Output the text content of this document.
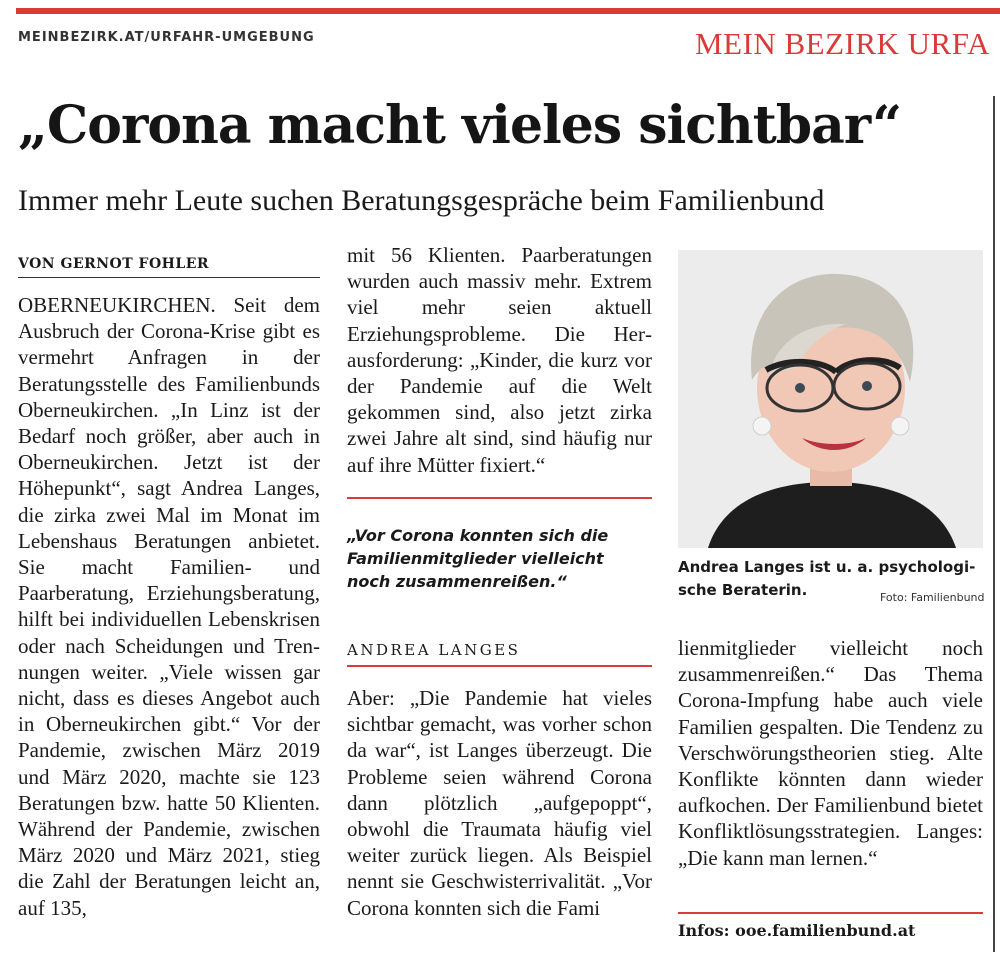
MEINBEZIRK.AT/URFAHR-UMGEBUNG	MEIN BEZIRK URFA
„Corona macht vieles sichtbar“
Immer mehr Leute suchen Beratungsgespräche beim Familienbund
VON GERNOT FOHLER

OBERNEUKIRCHEN. Seit dem Ausbruch der Corona-Krise gibt es vermehrt Anfragen in der Beratungsstelle des Familienbunds Oberneukirchen. „In Linz ist der Bedarf noch größer, aber auch in Oberneukirchen. Jetzt ist der Höhepunkt“, sagt Andrea Langes, die zirka zwei Mal im Monat im Lebenshaus Beratungen anbietet. Sie macht Familien- und Paarberatung, Erziehungsberatung, hilft bei individuellen Lebenskrisen oder nach Scheidungen und Trennungen weiter. „Viele wissen gar nicht, dass es dieses Angebot auch in Oberneukirchen gibt.“ Vor der Pandemie, zwischen März 2019 und März 2020, machte sie 123 Beratungen bzw. hatte 50 Klienten. Während der Pandemie, zwischen März 2020 und März 2021, stieg die Zahl der Beratungen leicht an, auf 135,

mit 56 Klienten. Paarberatungen wurden auch massiv mehr. Extrem viel mehr seien aktuell Erziehungsprobleme. Die Herausforderung: „Kinder, die kurz vor der Pandemie auf die Welt gekommen sind, also jetzt zirka zwei Jahre alt sind, sind häufig nur auf ihre Mütter fixiert.“

„Vor Corona konnten sich die Familienmitglieder vielleicht noch zusammenreißen.“
ANDREA LANGES

Aber: „Die Pandemie hat vieles sichtbar gemacht, was vorher schon da war“, ist Langes überzeugt. Die Probleme seien während Corona dann plötzlich „aufgepoppt“, obwohl die Traumata häufig viel weiter zurück liegen. Als Beispiel nennt sie Geschwisterrivalität. „Vor Corona konnten sich die Fami

Andrea Langes ist u. a. psychologische Beraterin.	Foto: Familienbund

lienmitglieder vielleicht noch zusammenreißen.“ Das Thema Corona-Impfung habe auch viele Familien gespalten. Die Tendenz zu Verschwörungstheorien stieg. Alte Konflikte könnten dann wieder aufkochen. Der Familienbund bietet Konfliktlösungsstrategien. Langes: „Die kann man lernen.“

Infos: ooe.familienbund.at
